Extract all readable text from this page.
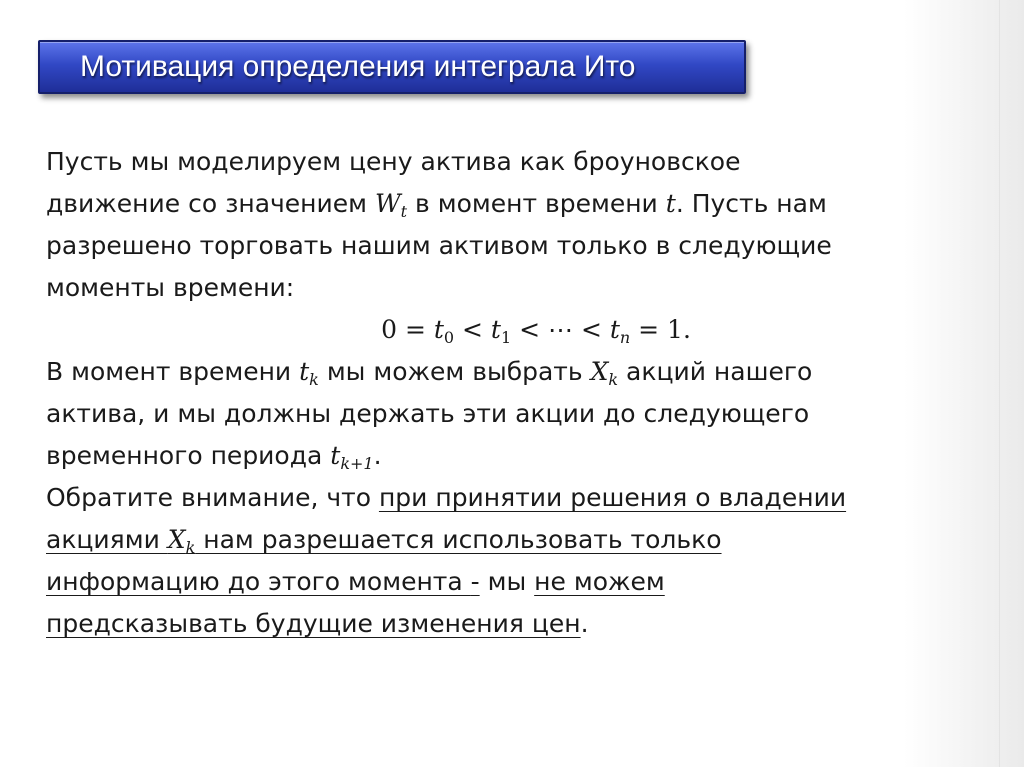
Мотивация определения интеграла Ито
Пусть мы моделируем цену актива как броуновское
движение со значением $W_t$ в момент времени t. Пусть нам
разрешено торговать нашим активом только в следующие
моменты времени:
$0 = t_0 < t_1$ < ⋯ < $t_n = 1$.
В момент времени $t_k$ мы можем выбрать $X_k$ акций нашего
актива, и мы должны держать эти акции до следующего
временного периода $t_{k+1}$.
Обратите внимание, что при принятии решения о владении
акциями $X_k$ нам разрешается использовать только
информацию до этого момента - мы не можем
предсказывать будущие изменения цен.
